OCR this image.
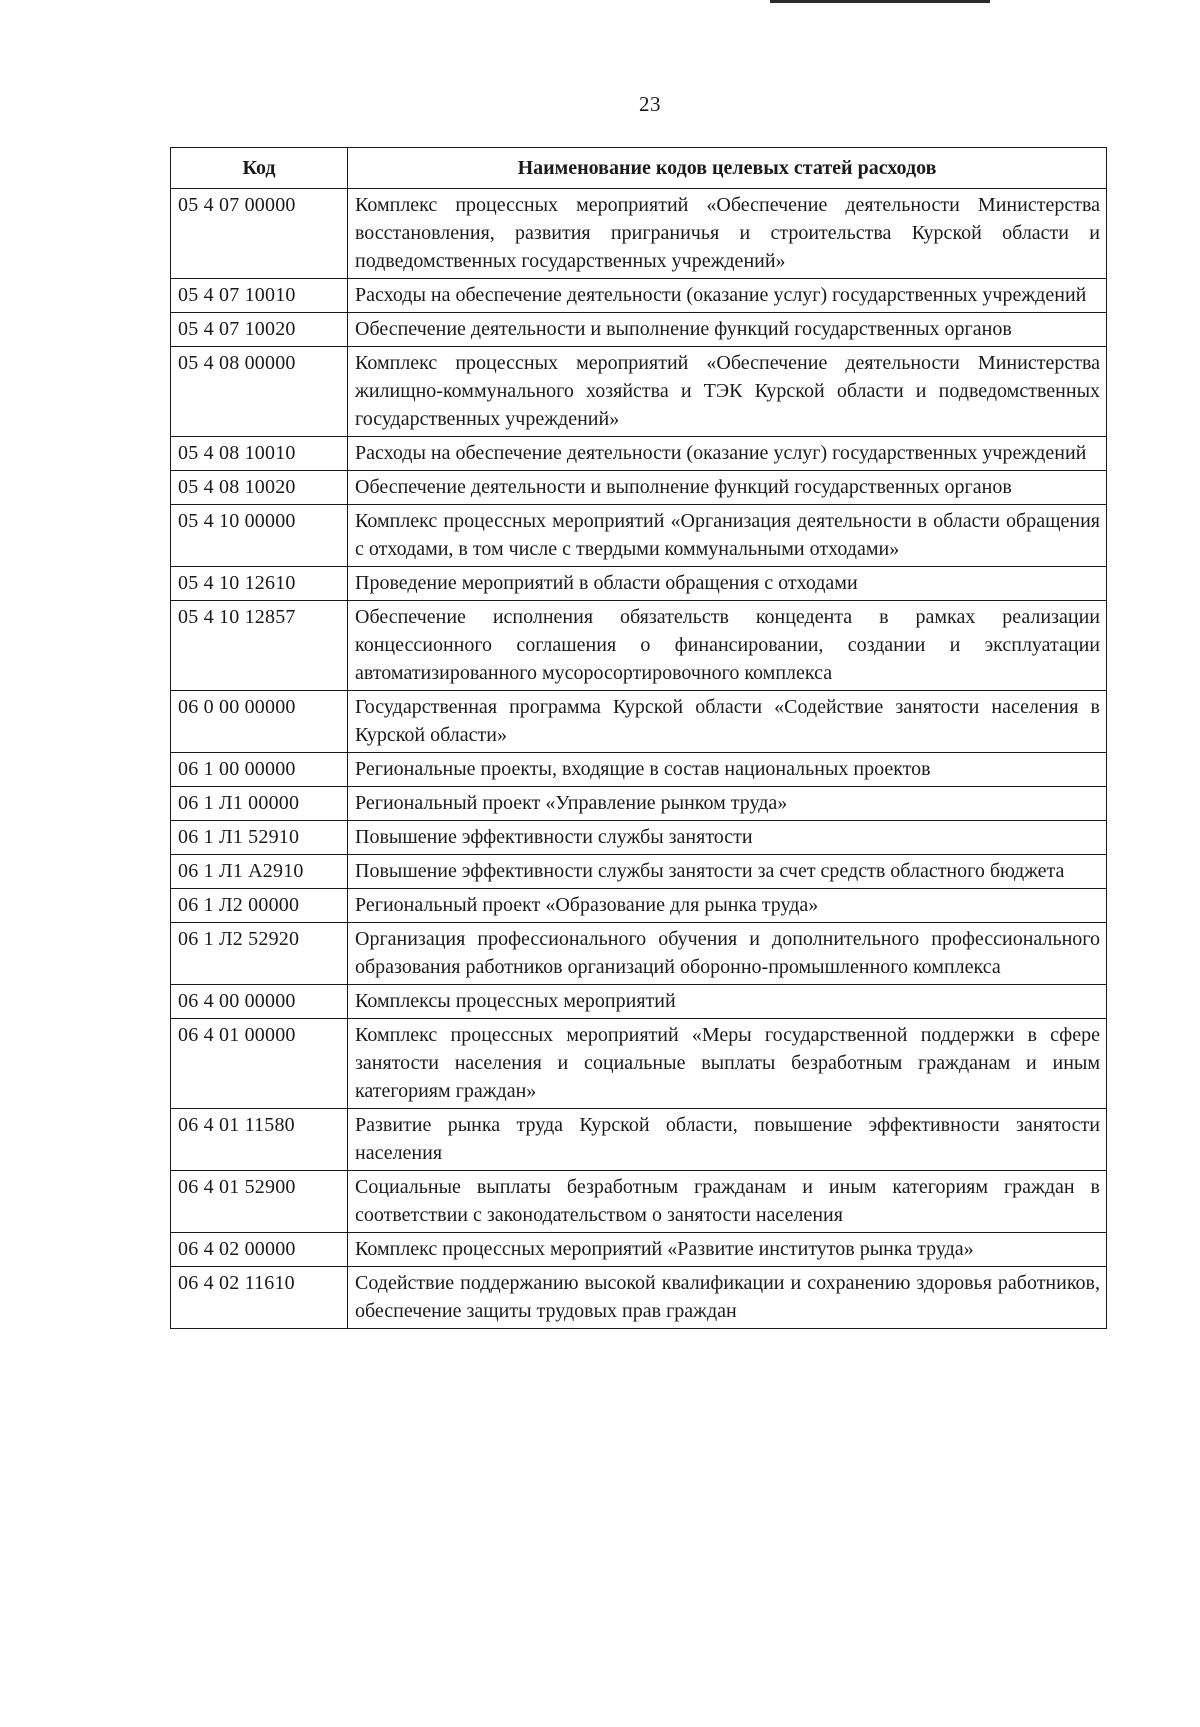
23
Код	Наименование кодов целевых статей расходов
05 4 07 00000	Комплекс процессных мероприятий «Обеспечение деятельности Министерства восстановления, развития приграничья и строительства Курской области и подведомственных государственных учреждений»
05 4 07 10010	Расходы на обеспечение деятельности (оказание услуг) государственных учреждений
05 4 07 10020	Обеспечение деятельности и выполнение функций государственных органов
05 4 08 00000	Комплекс процессных мероприятий «Обеспечение деятельности Министерства жилищно-коммунального хозяйства и ТЭК Курской области и подведомственных государственных учреждений»
05 4 08 10010	Расходы на обеспечение деятельности (оказание услуг) государственных учреждений
05 4 08 10020	Обеспечение деятельности и выполнение функций государственных органов
05 4 10 00000	Комплекс процессных мероприятий «Организация деятельности в области обращения с отходами, в том числе с твердыми коммунальными отходами»
05 4 10 12610	Проведение мероприятий в области обращения с отходами
05 4 10 12857	Обеспечение исполнения обязательств концедента в рамках реализации концессионного соглашения о финансировании, создании и эксплуатации автоматизированного мусоросортировочного комплекса
06 0 00 00000	Государственная программа Курской области «Содействие занятости населения в Курской области»
06 1 00 00000	Региональные проекты, входящие в состав национальных проектов
06 1 Л1 00000	Региональный проект «Управление рынком труда»
06 1 Л1 52910	Повышение эффективности службы занятости
06 1 Л1 А2910	Повышение эффективности службы занятости за счет средств областного бюджета
06 1 Л2 00000	Региональный проект «Образование для рынка труда»
06 1 Л2 52920	Организация профессионального обучения и дополнительного профессионального образования работников организаций оборонно-промышленного комплекса
06 4 00 00000	Комплексы процессных мероприятий
06 4 01 00000	Комплекс процессных мероприятий «Меры государственной поддержки в сфере занятости населения и социальные выплаты безработным гражданам и иным категориям граждан»
06 4 01 11580	Развитие рынка труда Курской области, повышение эффективности занятости населения
06 4 01 52900	Социальные выплаты безработным гражданам и иным категориям граждан в соответствии с законодательством о занятости населения
06 4 02 00000	Комплекс процессных мероприятий «Развитие институтов рынка труда»
06 4 02 11610	Содействие поддержанию высокой квалификации и сохранению здоровья работников, обеспечение защиты трудовых прав граждан
